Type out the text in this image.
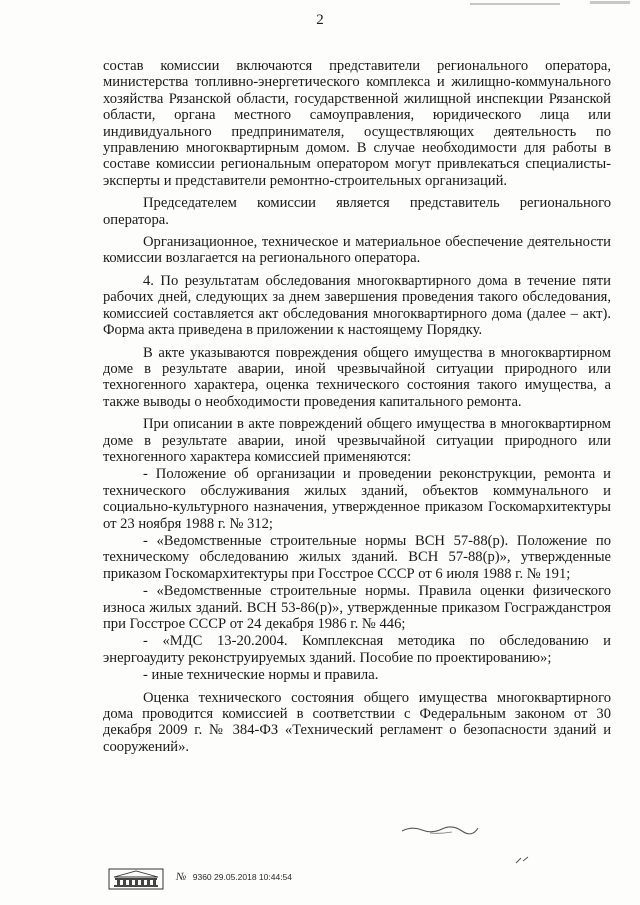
2

состав комиссии включаются представители регионального оператора, министерства топливно-энергетического комплекса и жилищно-коммунального хозяйства Рязанской области, государственной жилищной инспекции Рязанской области, органа местного самоуправления, юридического лица или индивидуального предпринимателя, осуществляющих деятельность по управлению многоквартирным домом. В случае необходимости для работы в составе комиссии региональным оператором могут привлекаться специалисты-эксперты и представители ремонтно-строительных организаций.

Председателем комиссии является представитель регионального оператора.

Организационное, техническое и материальное обеспечение деятельности комиссии возлагается на регионального оператора.

4. По результатам обследования многоквартирного дома в течение пяти рабочих дней, следующих за днем завершения проведения такого обследования, комиссией составляется акт обследования многоквартирного дома (далее – акт). Форма акта приведена в приложении к настоящему Порядку.

В акте указываются повреждения общего имущества в многоквартирном доме в результате аварии, иной чрезвычайной ситуации природного или техногенного характера, оценка технического состояния такого имущества, а также выводы о необходимости проведения капитального ремонта.

При описании в акте повреждений общего имущества в многоквартирном доме в результате аварии, иной чрезвычайной ситуации природного или техногенного характера комиссией применяются:

- Положение об организации и проведении реконструкции, ремонта и технического обслуживания жилых зданий, объектов коммунального и социально-культурного назначения, утвержденное приказом Госкомархитектуры от 23 ноября 1988 г. № 312;

- «Ведомственные строительные нормы ВСН 57-88(р). Положение по техническому обследованию жилых зданий. ВСН 57-88(р)», утвержденные приказом Госкомархитектуры при Госстрое СССР от 6 июля 1988 г. № 191;

- «Ведомственные строительные нормы. Правила оценки физического износа жилых зданий. ВСН 53-86(р)», утвержденные приказом Госгражданстроя при Госстрое СССР от 24 декабря 1986 г. № 446;

- «МДС 13-20.2004. Комплексная методика по обследованию и энергоаудиту реконструируемых зданий. Пособие по проектированию»;

- иные технические нормы и правила.

Оценка технического состояния общего имущества многоквартирного дома проводится комиссией в соответствии с Федеральным законом от 30 декабря 2009 г. № 384-ФЗ «Технический регламент о безопасности зданий и сооружений».

№ 9360 29.05.2018 10:44:54
